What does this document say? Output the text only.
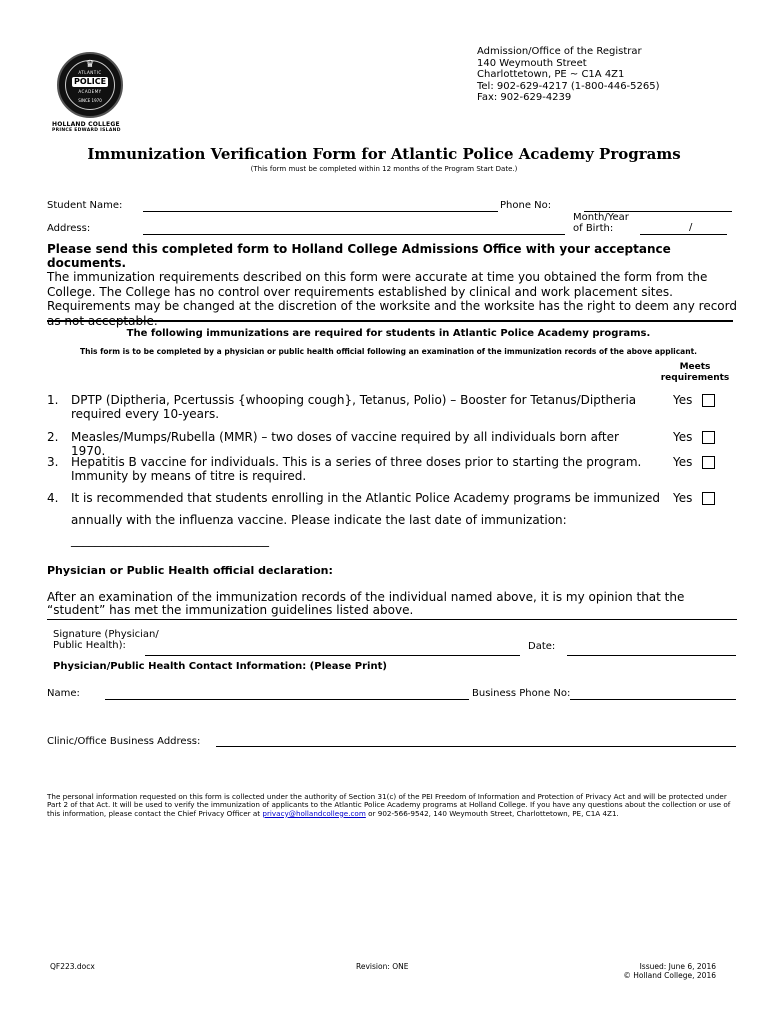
♛
ATLANTIC
POLICE
ACADEMY
SINCE 1970
HOLLAND COLLEGE
PRINCE EDWARD ISLAND
Admission/Office of the Registrar
140 Weymouth Street
Charlottetown, PE ~ C1A 4Z1
Tel: 902-629-4217 (1-800-446-5265)
Fax: 902-629-4239
Immunization Verification Form for Atlantic Police Academy Programs
(This form must be completed within 12 months of the Program Start Date.)
Student Name:	Phone No:
Address:
Month/Year
of Birth:	/
Please send this completed form to Holland College Admissions Office with your acceptance documents.
The immunization requirements described on this form were accurate at time you obtained the form from the College. The College has no control over requirements established by clinical and work placement sites. Requirements may be changed at the discretion of the worksite and the worksite has the right to deem any record as not acceptable.
The following immunizations are required for students in Atlantic Police Academy programs.
This form is to be completed by a physician or public health official following an examination of the immunization records of the above applicant.
Meets
requirements
1. DPTP (Diptheria, Pcertussis {whooping cough}, Tetanus, Polio) – Booster for Tetanus/Diptheria required every 10-years.
Yes
2. Measles/Mumps/Rubella (MMR) – two doses of vaccine required by all individuals born after 1970.
Yes
3. Hepatitis B vaccine for individuals. This is a series of three doses prior to starting the program. Immunity by means of titre is required.
Yes
4. It is recommended that students enrolling in the Atlantic Police Academy programs be immunized Yes
annually with the influenza vaccine. Please indicate the last date of immunization:
_________________________________
Physician or Public Health official declaration:
After an examination of the immunization records of the individual named above, it is my opinion that the “student” has met the immunization guidelines listed above.
Signature (Physician/
Public Health):	Date:
Physician/Public Health Contact Information: (Please Print)
Name:	Business Phone No:
Clinic/Office Business Address:
The personal information requested on this form is collected under the authority of Section 31(c) of the PEI Freedom of Information and Protection of Privacy Act and will be protected under Part 2 of that Act. It will be used to verify the immunization of applicants to the Atlantic Police Academy programs at Holland College. If you have any questions about the collection or use of this information, please contact the Chief Privacy Officer at privacy@hollandcollege.com or 902-566-9542, 140 Weymouth Street, Charlottetown, PE, C1A 4Z1.
QF223.docx	Revision: ONE	Issued: June 6, 2016
© Holland College, 2016
